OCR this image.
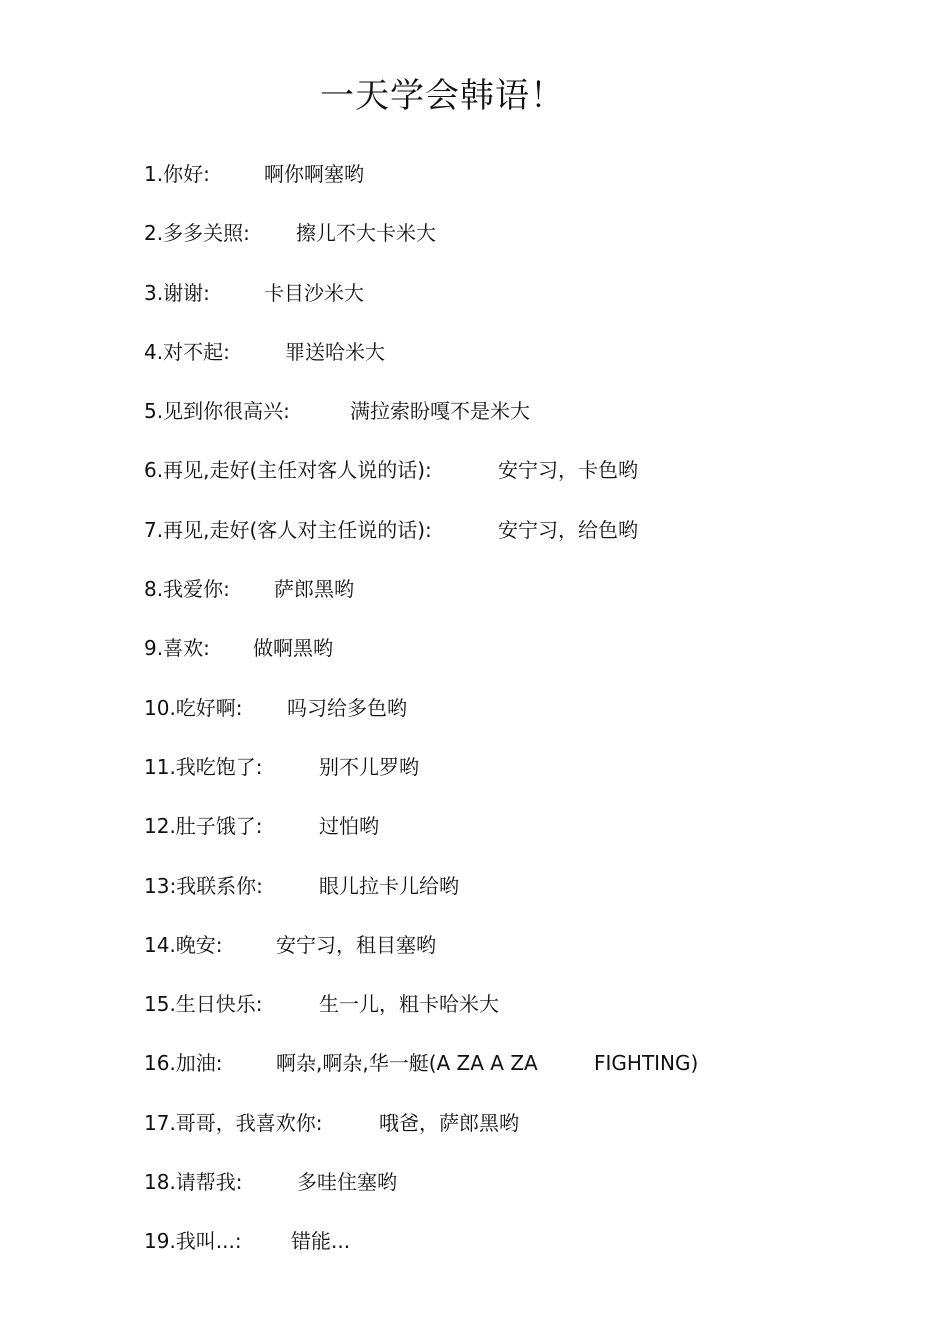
一天学会韩语！
1.你好:	啊你啊塞哟
2.多多关照: 擦儿不大卡米大
3.谢谢:	卡目沙米大
4.对不起:	罪送哈米大
5.见到你很高兴:	满拉索盼嘎不是米大
6.再见,走好(主任对客人说的话):	安宁习，卡色哟
7.再见,走好(客人对主任说的话):	安宁习，给色哟
8.我爱你: 萨郎黑哟
9.喜欢: 做啊黑哟
10.吃好啊: 吗习给多色哟
11.我吃饱了:	别不儿罗哟
12.肚子饿了:	过怕哟
13:我联系你:	眼儿拉卡儿给哟
14.晚安:	安宁习，租目塞哟
15.生日快乐:	生一儿，粗卡哈米大
16.加油:	啊杂,啊杂,华一艇(A ZA A ZA	FIGHTING)
17.哥哥，我喜欢你:	哦爸，萨郎黑哟
18.请帮我:	多哇住塞哟
19.我叫...: 错能...
